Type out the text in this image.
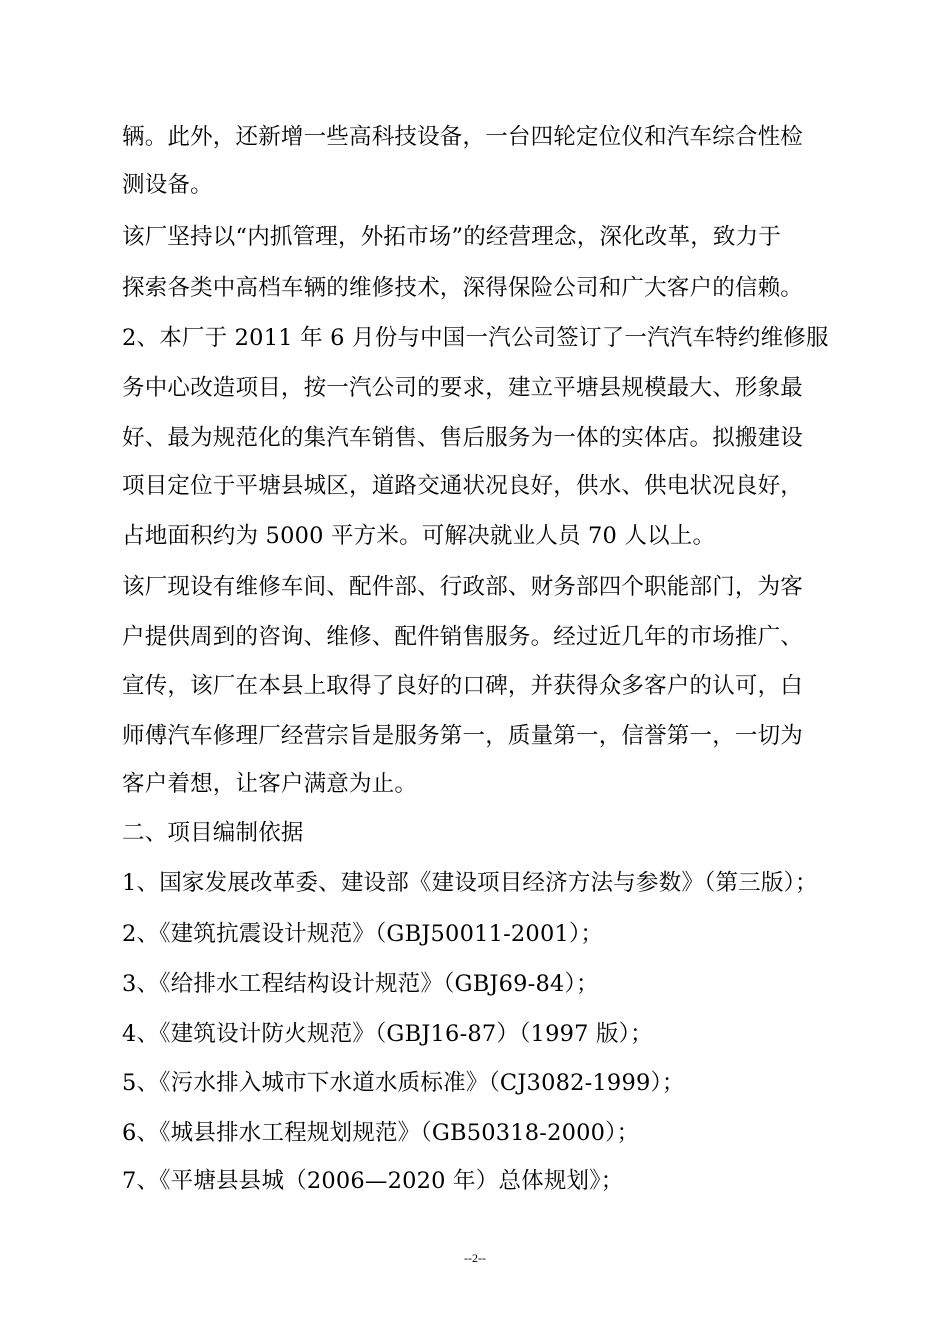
辆。此外，还新增一些高科技设备，一台四轮定位仪和汽车综合性检
测设备。
该厂坚持以“内抓管理，外拓市场”的经营理念，深化改革，致力于
探索各类中高档车辆的维修技术，深得保险公司和广大客户的信赖。
2、本厂于 2011 年 6 月份与中国一汽公司签订了一汽汽车特约维修服
务中心改造项目，按一汽公司的要求，建立平塘县规模最大、形象最
好、最为规范化的集汽车销售、售后服务为一体的实体店。拟搬建设
项目定位于平塘县城区，道路交通状况良好，供水、供电状况良好，
占地面积约为 5000 平方米。可解决就业人员 70 人以上。
该厂现设有维修车间、配件部、行政部、财务部四个职能部门，为客
户提供周到的咨询、维修、配件销售服务。经过近几年的市场推广、
宣传，该厂在本县上取得了良好的口碑，并获得众多客户的认可，白
师傅汽车修理厂经营宗旨是服务第一，质量第一，信誉第一，一切为
客户着想，让客户满意为止。
二、项目编制依据
1、国家发展改革委、建设部《建设项目经济方法与参数》（第三版）；
2、《建筑抗震设计规范》（GBJ50011-2001）；
3、《给排水工程结构设计规范》（GBJ69-84）；
4、《建筑设计防火规范》（GBJ16-87）（1997 版）；
5、《污水排入城市下水道水质标准》（CJ3082-1999）；
6、《城县排水工程规划规范》（GB50318-2000）；
7、《平塘县县城（2006—2020 年）总体规划》；
--2--
